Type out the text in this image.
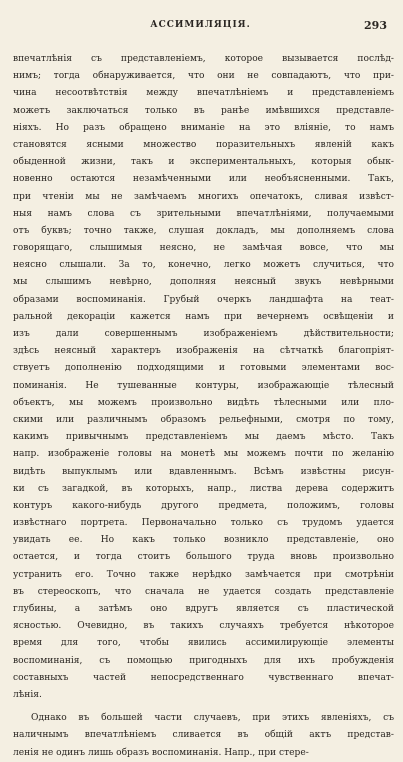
АССИМИЛЯЦІЯ.	293
впечатлѣнія съ представленіемъ, которое вызывается послѣд-
нимъ; тогда обнаруживается, что они не совпадаютъ, что при-
чина несоотвѣтствія между впечатлѣніемъ и представленіемъ
можетъ заключаться только въ ранѣе имѣвшихся представле-
ніяхъ. Но разъ обращено вниманіе на это вліяніе, то намъ
становятся ясными множество поразительныхъ явленій какъ
обыденной жизни, такъ и экспериментальныхъ, которыя обык-
новенно остаются незамѣченными или необъясненными. Такъ,
при чтеніи мы не замѣчаемъ многихъ опечатокъ, сливая извѣст-
ныя намъ слова съ зрительными впечатлѣніями, получаемыми
отъ буквъ; точно также, слушая докладъ, мы дополняемъ слова
говорящаго, слышимыя неясно, не замѣчая вовсе, что мы
неясно слышали. За то, конечно, легко можетъ случиться, что
мы слышимъ невѣрно, дополняя неясный звукъ невѣрными
образами воспоминанія. Грубый очеркъ ландшафта на теат-
ральной декораціи кажется намъ при вечернемъ освѣщеніи и
изъ дали совершеннымъ изображеніемъ дѣйствительности;
здѣсь неясный характеръ изображенія на сѣтчаткѣ благопріят-
ствуетъ дополненію подходящими и готовыми элементами вос-
поминанія. Не тушеванные контуры, изображающіе тѣлесный
объектъ, мы можемъ произвольно видѣть тѣлесными или пло-
скими или различнымъ образомъ рельефными, смотря по тому,
какимъ привычнымъ представленіемъ мы даемъ мѣсто. Такъ
напр. изображеніе головы на монетѣ мы можемъ почти по желанію
видѣть выпуклымъ или вдавленнымъ. Всѣмъ извѣстны рисун-
ки съ загадкой, въ которыхъ, напр., листва дерева содержитъ
контуръ какого-нибудь другого предмета, положимъ, головы
извѣстнаго портрета. Первоначально только съ трудомъ удается
увидать ее. Но какъ только возникло представленіе, оно
остается, и тогда стоитъ большого труда вновь произвольно
устранить его. Точно также нерѣдко замѣчается при смотрѣніи
въ стереоскопъ, что сначала не удается создать представленіе
глубины, а затѣмъ оно вдругъ является съ пластической
ясностью. Очевидно, въ такихъ случаяхъ требуется нѣкоторое
время для того, чтобы явились ассимилирующіе элементы
воспоминанія, съ помощью пригодныхъ для ихъ пробужденія
составныхъ частей непосредственнаго чувственнаго впечат-
лѣнія.
Однако въ большей части случаевъ, при этихъ явленіяхъ, съ
наличнымъ впечатлѣніемъ сливается въ общій актъ представ-
ленія не одинъ лишь образъ воспоминанія. Напр., при стере-
